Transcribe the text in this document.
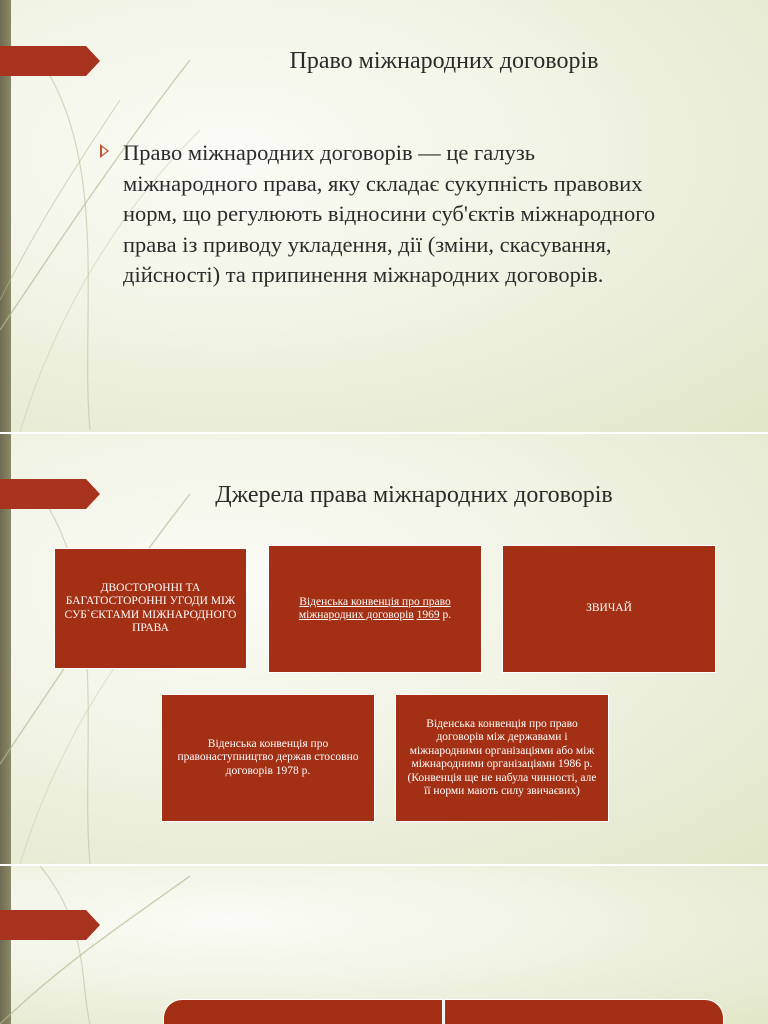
Право міжнародних договорів

Право міжнародних договорів — це галузь міжнародного права, яку складає сукупність правових норм, що регулюють відносини суб'єктів міжнародного права із приводу укладення, дії (зміни, скасування, дійсності) та припинення міжнародних договорів.

Джерела права міжнародних договорів
ДВОСТОРОННІ ТА БАГАТОСТОРОННІ УГОДИ МІЖ СУБ`ЄКТАМИ МІЖНАРОДНОГО ПРАВА
Віденська конвенція про право міжнародних договорів 1969 р.
ЗВИЧАЙ
Віденська конвенція про правонаступництво держав стосовно договорів 1978 р.
Віденська конвенція про право договорів між державами і міжнародними організаціями або між міжнародними організаціями 1986 р. (Конвенція ще не набула чинності, але її норми мають силу звичаєвих)
